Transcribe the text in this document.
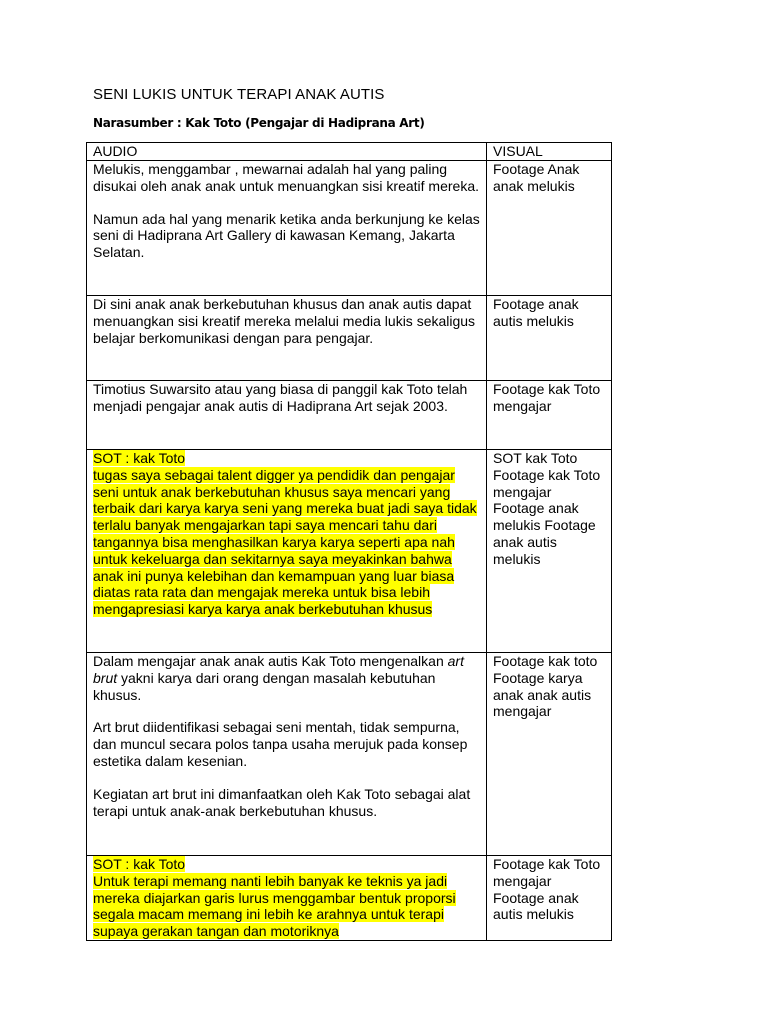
SENI LUKIS UNTUK TERAPI ANAK AUTIS
Narasumber : Kak Toto (Pengajar di Hadiprana Art)
AUDIO	VISUAL

Melukis, menggambar , mewarnai adalah hal yang paling disukai oleh anak anak untuk menuangkan sisi kreatif mereka.

Namun ada hal yang menarik ketika anda berkunjung ke kelas seni di Hadiprana Art Gallery di kawasan Kemang, Jakarta Selatan.	Footage Anak anak melukis

Di sini anak anak berkebutuhan khusus dan anak autis dapat menuangkan sisi kreatif mereka melalui media lukis sekaligus belajar berkomunikasi dengan para pengajar.	Footage anak autis melukis

Timotius Suwarsito atau yang biasa di panggil kak Toto telah menjadi pengajar anak autis di Hadiprana Art sejak 2003.	Footage kak Toto mengajar

SOT : kak Toto
tugas saya sebagai talent digger ya pendidik dan pengajar seni untuk anak berkebutuhan khusus saya mencari yang terbaik dari karya karya seni yang mereka buat jadi saya tidak terlalu banyak mengajarkan tapi saya mencari tahu dari tangannya bisa menghasilkan karya karya seperti apa nah untuk kekeluarga dan sekitarnya saya meyakinkan bahwa anak ini punya kelebihan dan kemampuan yang luar biasa diatas rata rata dan mengajak mereka untuk bisa lebih mengapresiasi karya karya anak berkebutuhan khusus	SOT kak Toto Footage kak Toto mengajar Footage anak melukis Footage anak autis melukis

Dalam mengajar anak anak autis Kak Toto mengenalkan art brut yakni karya dari orang dengan masalah kebutuhan khusus.

Art brut diidentifikasi sebagai seni mentah, tidak sempurna, dan muncul secara polos tanpa usaha merujuk pada konsep estetika dalam kesenian.

Kegiatan art brut ini dimanfaatkan oleh Kak Toto sebagai alat terapi untuk anak-anak berkebutuhan khusus.	Footage kak toto Footage karya anak anak autis mengajar

SOT : kak Toto
Untuk terapi memang nanti lebih banyak ke teknis ya jadi mereka diajarkan garis lurus menggambar bentuk proporsi segala macam memang ini lebih ke arahnya untuk terapi supaya gerakan tangan dan motoriknya	Footage kak Toto mengajar Footage anak autis melukis
